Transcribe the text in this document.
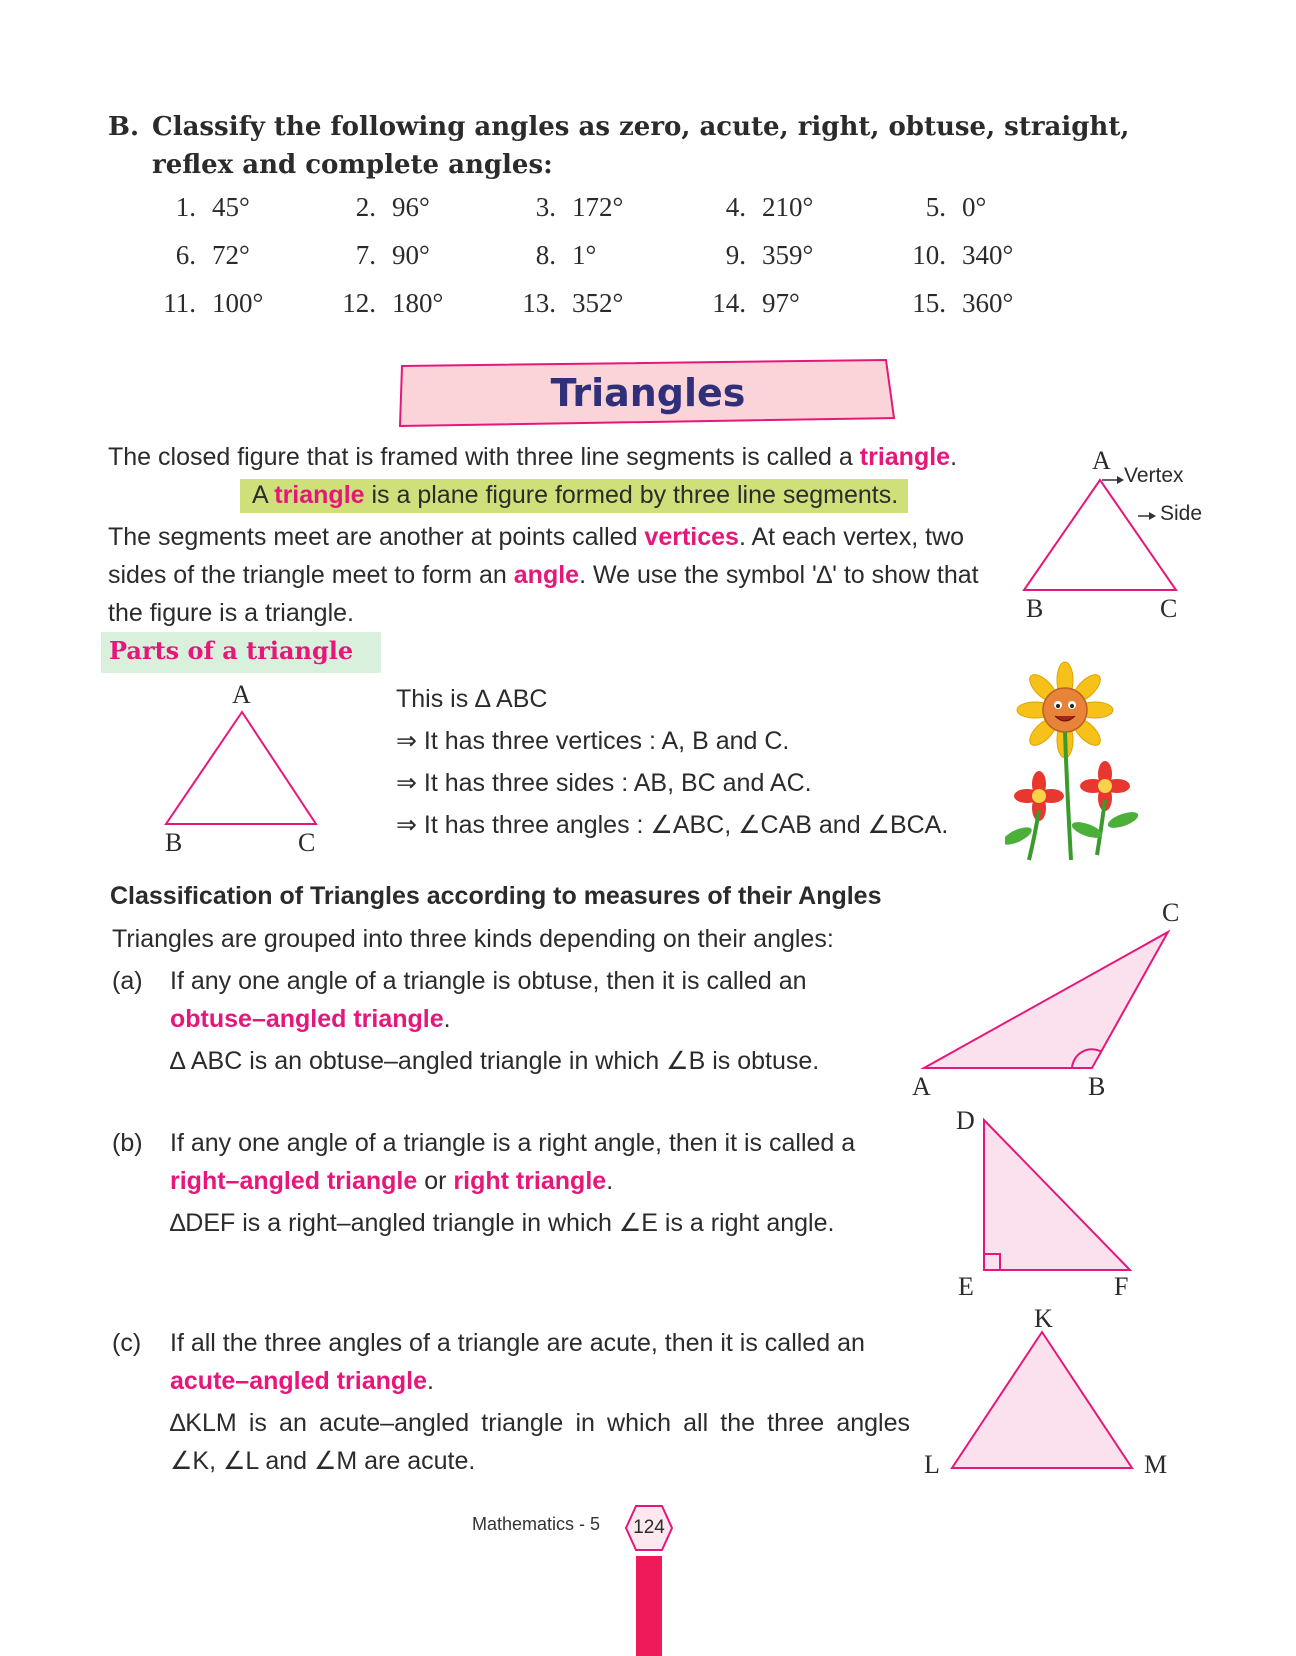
B. Classify the following angles as zero, acute, right, obtuse, straight, reflex and complete angles:
1. 45°	2. 96°	3. 172°	4. 210°	5. 0°
6. 72°	7. 90°	8. 1°	9. 359°	10. 340°
11. 100°	12. 180°	13. 352°	14. 97°	15. 360°
Triangles
The closed figure that is framed with three line segments is called a triangle.
A triangle is a plane figure formed by three line segments.
The segments meet are another at points called vertices. At each vertex, two sides of the triangle meet to form an angle. We use the symbol '∆' to show that the figure is a triangle.
A
Vertex
Side
B	C
Parts of a triangle
A
B	C
This is ∆ ABC
⇒ It has three vertices : A, B and C.
⇒ It has three sides : AB, BC and AC.
⇒ It has three angles : ∠ABC, ∠CAB and ∠BCA.
Classification of Triangles according to measures of their Angles
Triangles are grouped into three kinds depending on their angles:
(a) If any one angle of a triangle is obtuse, then it is called an
obtuse–angled triangle.
∆ ABC is an obtuse–angled triangle in which ∠B is obtuse.
C
A	B
(b) If any one angle of a triangle is a right angle, then it is called a
right–angled triangle or right triangle.
∆DEF is a right–angled triangle in which ∠E is a right angle.
D
E	F
(c) If all the three angles of a triangle are acute, then it is called an
acute–angled triangle.
∆KLM is an acute–angled triangle in which all the three angles ∠K, ∠L and ∠M are acute.
K
L	M
Mathematics - 5	124
